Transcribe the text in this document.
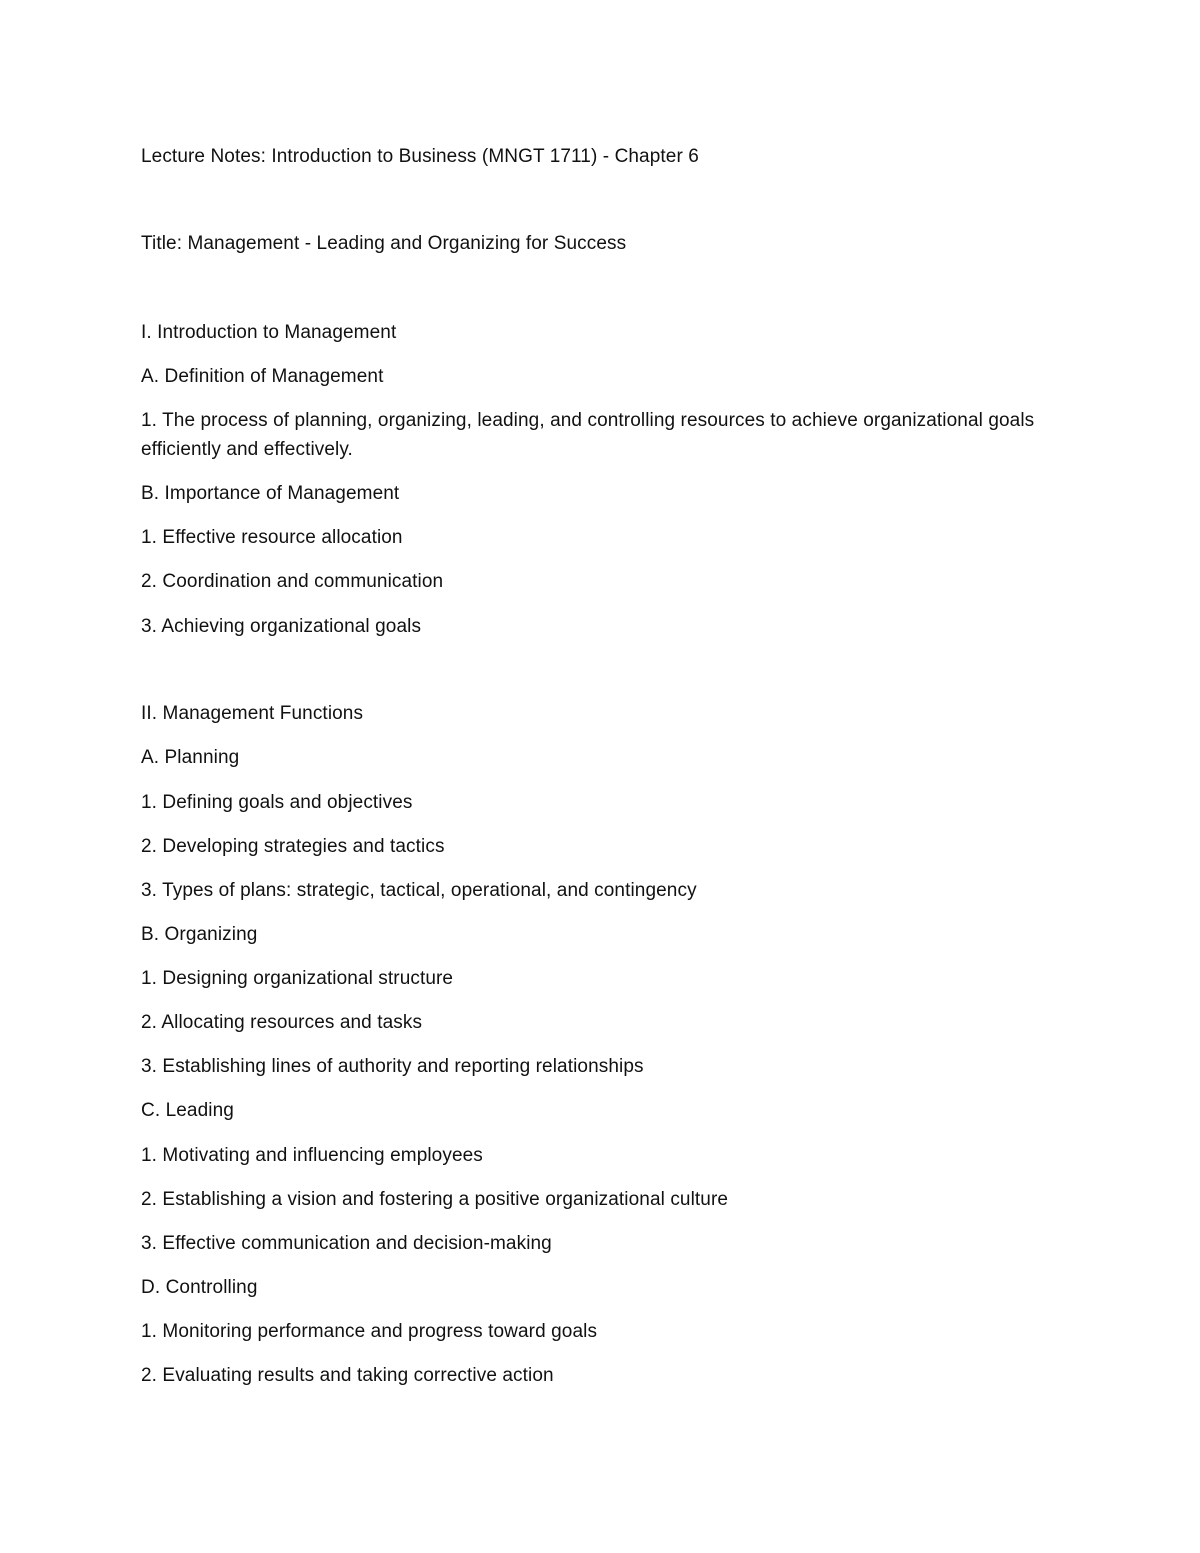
Lecture Notes: Introduction to Business (MNGT 1711) - Chapter 6
Title: Management - Leading and Organizing for Success
I. Introduction to Management
A. Definition of Management
1. The process of planning, organizing, leading, and controlling resources to achieve organizational goals efficiently and effectively.
B. Importance of Management
1. Effective resource allocation
2. Coordination and communication
3. Achieving organizational goals
II. Management Functions
A. Planning
1. Defining goals and objectives
2. Developing strategies and tactics
3. Types of plans: strategic, tactical, operational, and contingency
B. Organizing
1. Designing organizational structure
2. Allocating resources and tasks
3. Establishing lines of authority and reporting relationships
C. Leading
1. Motivating and influencing employees
2. Establishing a vision and fostering a positive organizational culture
3. Effective communication and decision-making
D. Controlling
1. Monitoring performance and progress toward goals
2. Evaluating results and taking corrective action
